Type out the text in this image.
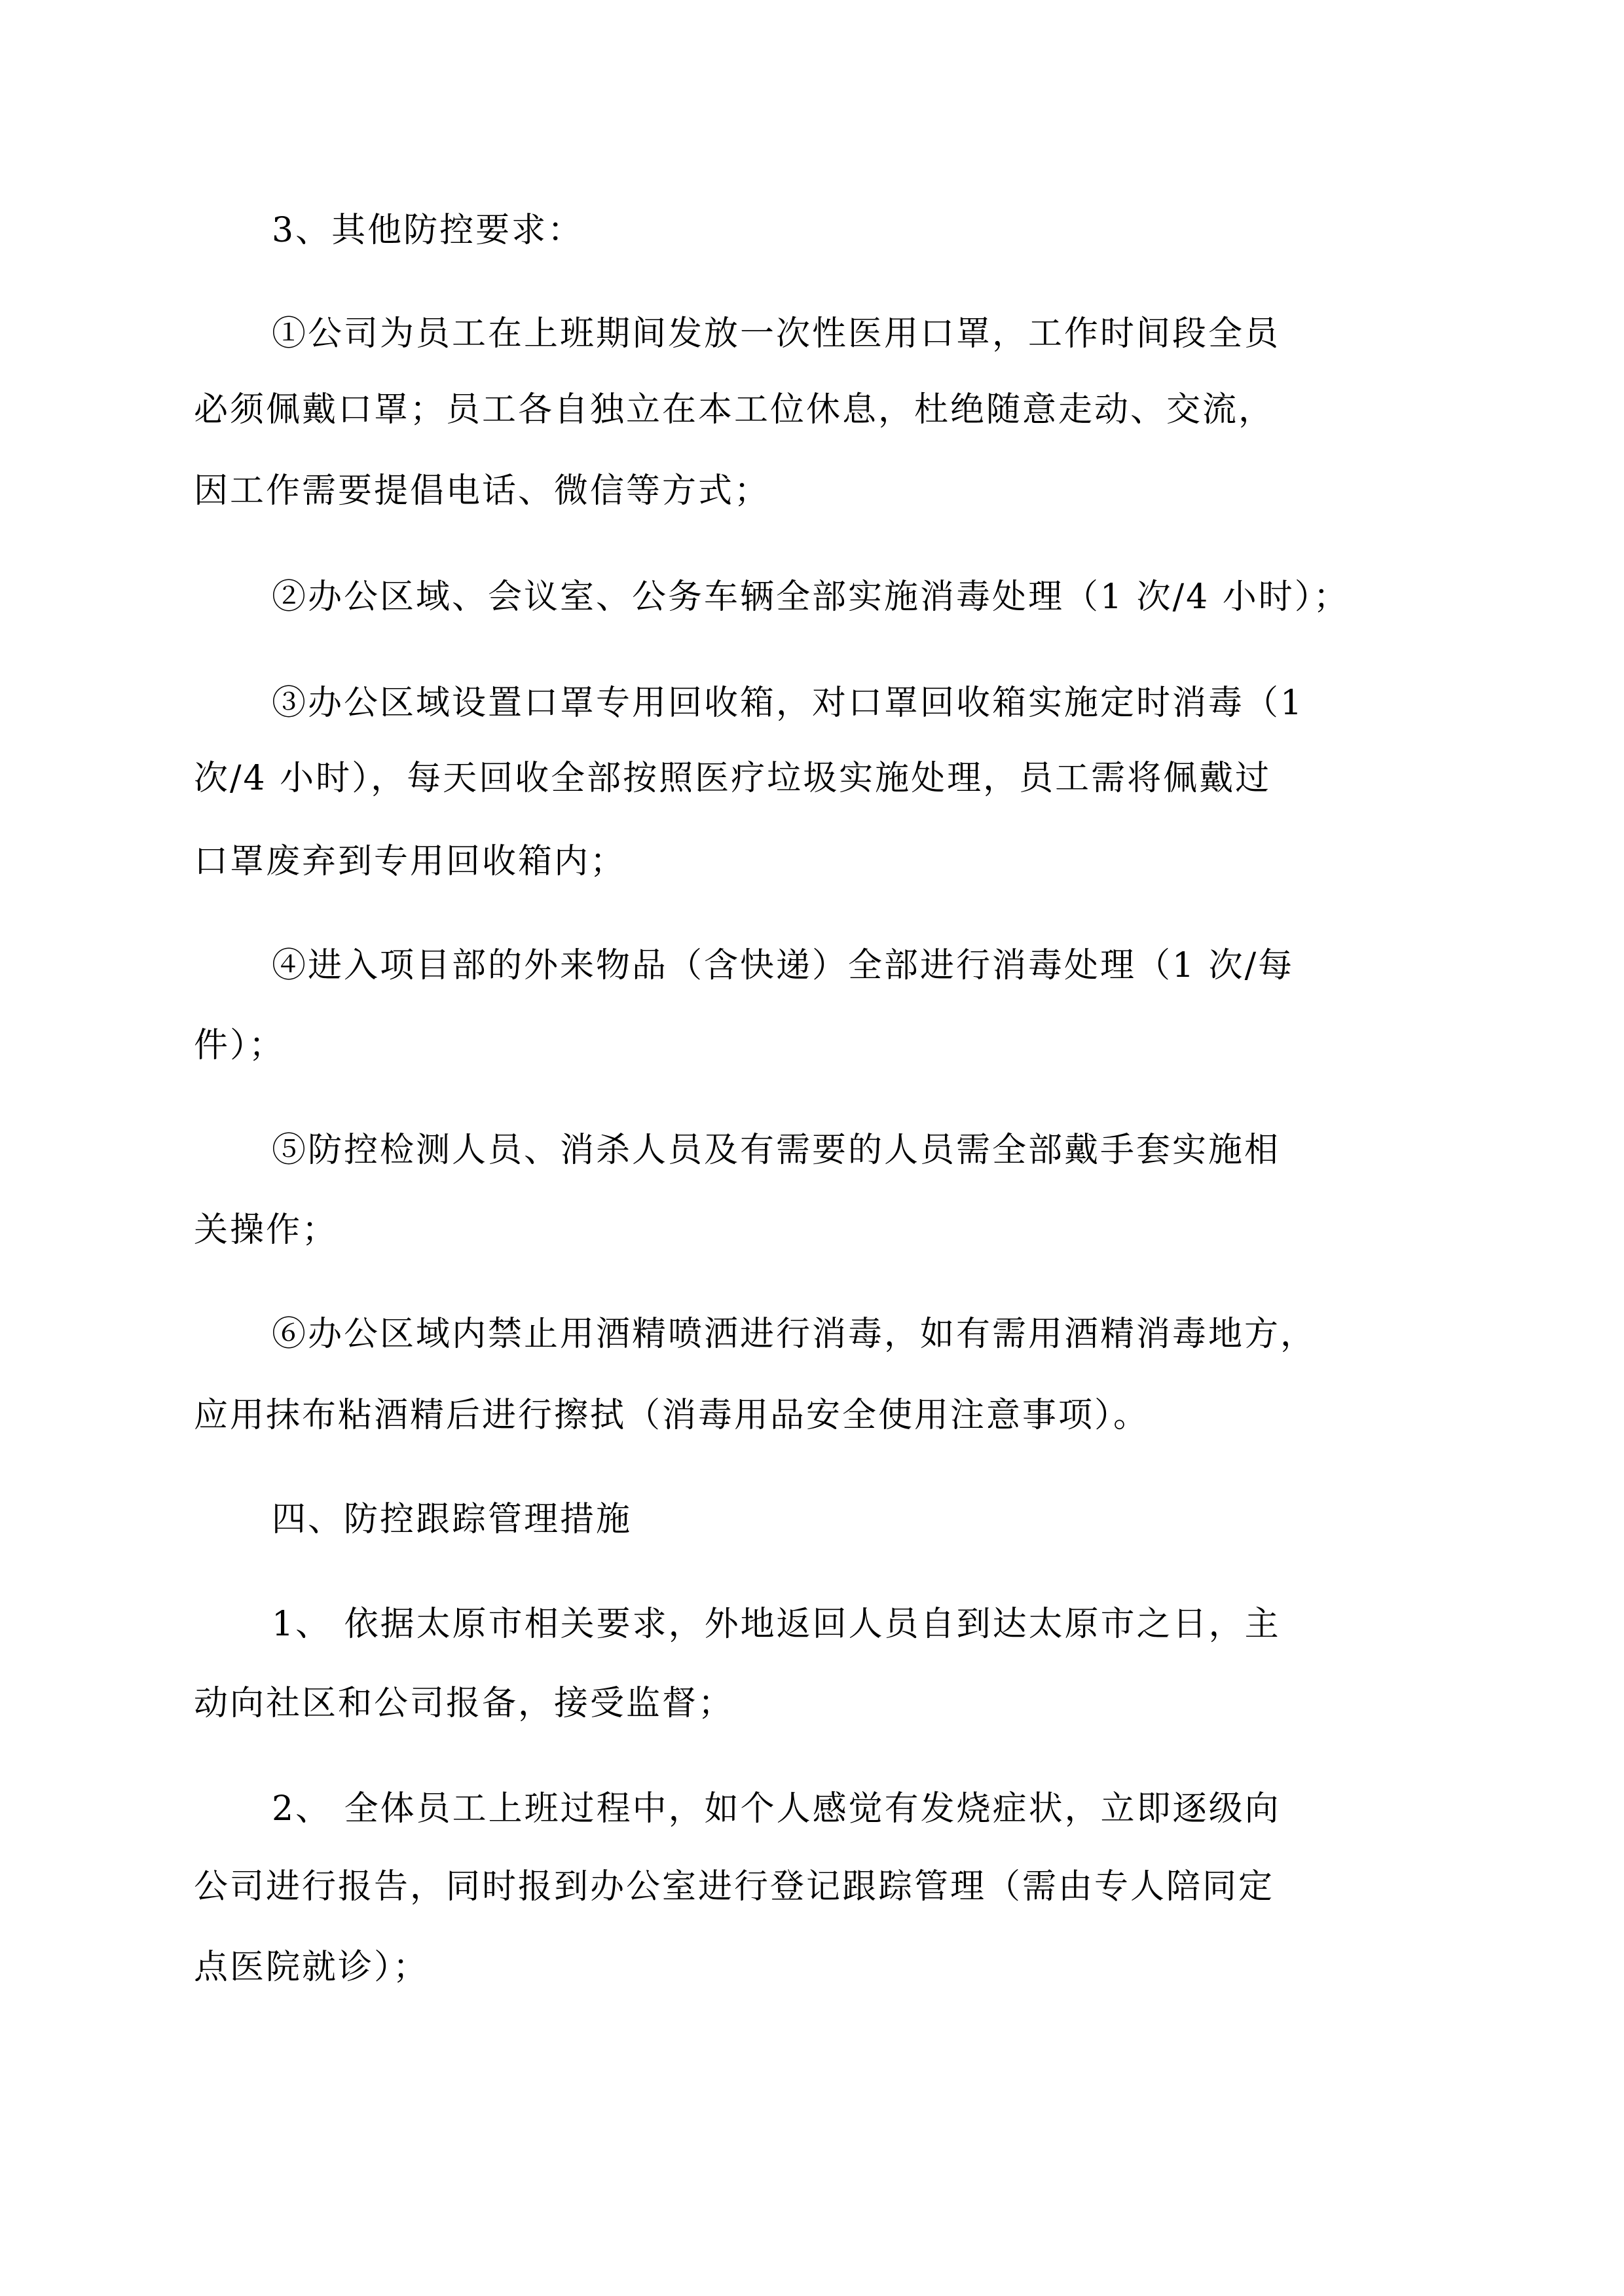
3、其他防控要求：
①公司为员工在上班期间发放一次性医用口罩，工作时间段全员
必须佩戴口罩；员工各自独立在本工位休息，杜绝随意走动、交流，
因工作需要提倡电话、微信等方式；
②办公区域、会议室、公务车辆全部实施消毒处理（1 次/4 小时）；
③办公区域设置口罩专用回收箱，对口罩回收箱实施定时消毒（1
次/4 小时），每天回收全部按照医疗垃圾实施处理，员工需将佩戴过
口罩废弃到专用回收箱内；
④进入项目部的外来物品（含快递）全部进行消毒处理（1 次/每
件）；
⑤防控检测人员、消杀人员及有需要的人员需全部戴手套实施相
关操作；
⑥办公区域内禁止用酒精喷洒进行消毒，如有需用酒精消毒地方，
应用抹布粘酒精后进行擦拭（消毒用品安全使用注意事项）。
四、防控跟踪管理措施
1、 依据太原市相关要求，外地返回人员自到达太原市之日，主
动向社区和公司报备，接受监督；
2、 全体员工上班过程中，如个人感觉有发烧症状，立即逐级向
公司进行报告，同时报到办公室进行登记跟踪管理（需由专人陪同定
点医院就诊）；
